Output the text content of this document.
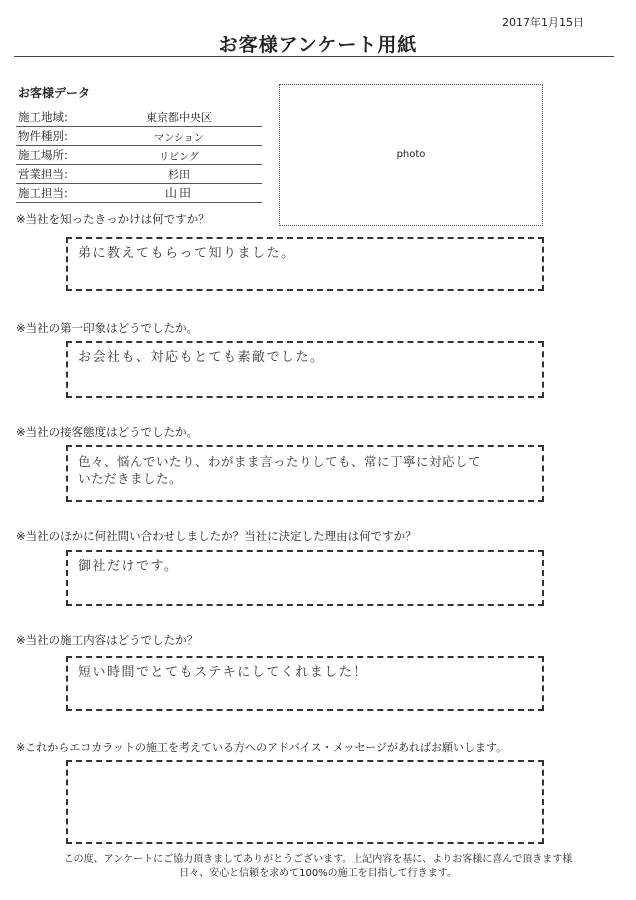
2017年1月15日
お客様アンケート用紙
お客様データ
施工地域:	東京都中央区
物件種別:	マンション
施工場所:	リビング
営業担当:	杉田
施工担当:	山田
photo
※当社を知ったきっかけは何ですか？
弟に教えてもらって知りました。
※当社の第一印象はどうでしたか。
お会社も、対応もとても素敵でした。
※当社の接客態度はどうでしたか。
色々、悩んでいたり、わがまま言ったりしても、常に丁寧に対応して
いただきました。
※当社のほかに何社問い合わせしましたか？当社に決定した理由は何ですか？
御社だけです。
※当社の施工内容はどうでしたか？
短い時間でとてもステキにしてくれました！
※これからエコカラットの施工を考えている方へのアドバイス・メッセージがあればお願いします。
この度、アンケートにご協力頂きましてありがとうございます。上記内容を基に、よりお客様に喜んで頂きます様
日々、安心と信頼を求めて100%の施工を目指して行きます。
